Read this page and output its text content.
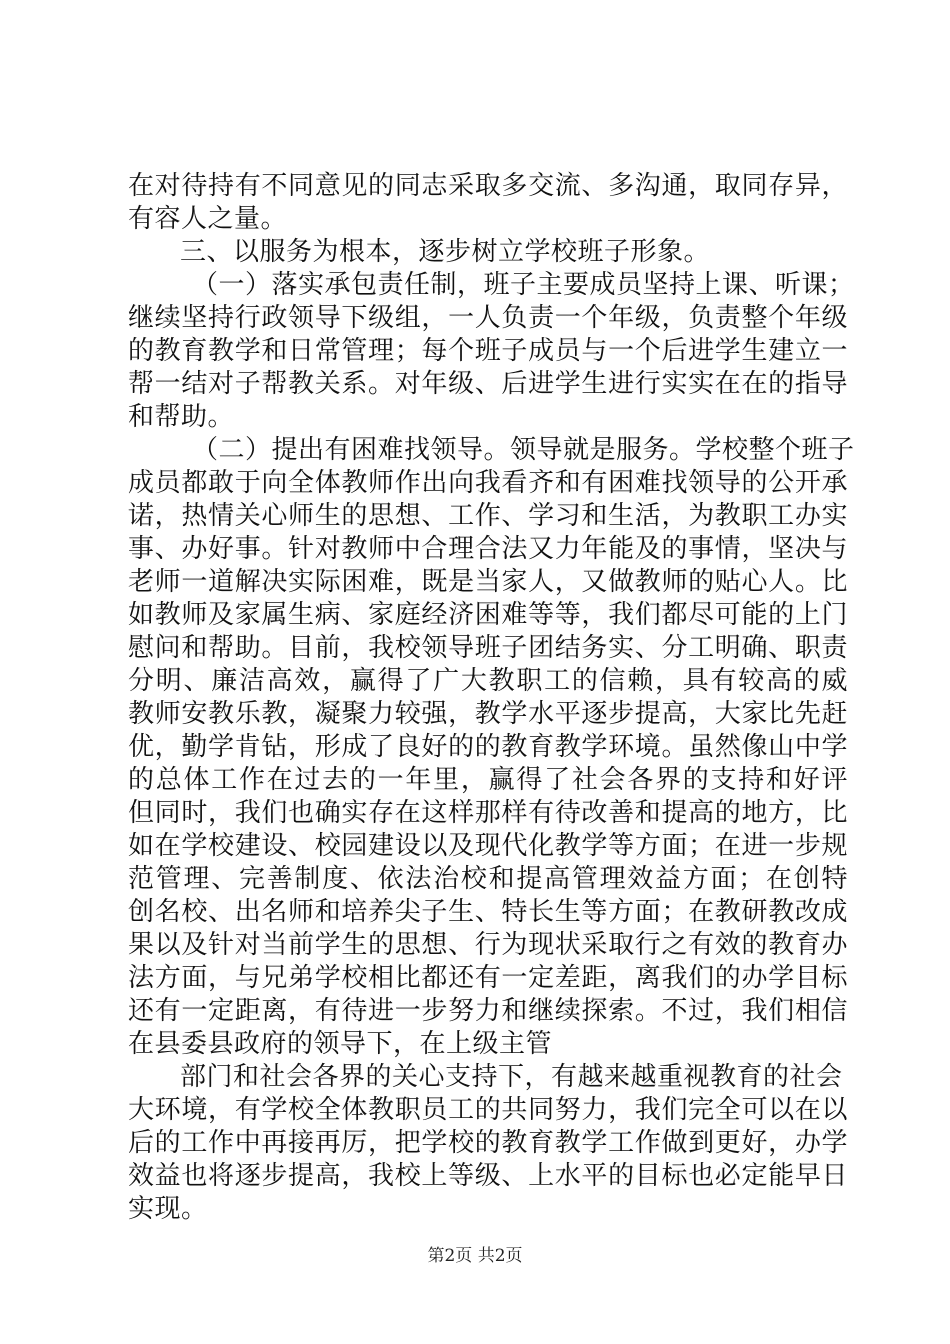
在对待持有不同意见的同志采取多交流、多沟通，取同存异，
有容人之量。
三、以服务为根本，逐步树立学校班子形象。
（一）落实承包责任制，班子主要成员坚持上课、听课；
继续坚持行政领导下级组，一人负责一个年级，负责整个年级
的教育教学和日常管理；每个班子成员与一个后进学生建立一
帮一结对子帮教关系。对年级、后进学生进行实实在在的指导
和帮助。
（二）提出有困难找领导。领导就是服务。学校整个班子
成员都敢于向全体教师作出向我看齐和有困难找领导的公开承
诺，热情关心师生的思想、工作、学习和生活，为教职工办实
事、办好事。针对教师中合理合法又力年能及的事情，坚决与
老师一道解决实际困难，既是当家人，又做教师的贴心人。比
如教师及家属生病、家庭经济困难等等，我们都尽可能的上门
慰问和帮助。目前，我校领导班子团结务实、分工明确、职责
分明、廉洁高效，赢得了广大教职工的信赖，具有较高的威
教师安教乐教，凝聚力较强，教学水平逐步提高，大家比先赶
优，勤学肯钻，形成了良好的的教育教学环境。虽然像山中学
的总体工作在过去的一年里，赢得了社会各界的支持和好评
但同时，我们也确实存在这样那样有待改善和提高的地方，比
如在学校建设、校园建设以及现代化教学等方面；在进一步规
范管理、完善制度、依法治校和提高管理效益方面；在创特
创名校、出名师和培养尖子生、特长生等方面；在教研教改成
果以及针对当前学生的思想、行为现状采取行之有效的教育办
法方面，与兄弟学校相比都还有一定差距，离我们的办学目标
还有一定距离，有待进一步努力和继续探索。不过，我们相信
在县委县政府的领导下，在上级主管
部门和社会各界的关心支持下，有越来越重视教育的社会
大环境，有学校全体教职员工的共同努力，我们完全可以在以
后的工作中再接再厉，把学校的教育教学工作做到更好，办学
效益也将逐步提高，我校上等级、上水平的目标也必定能早日
实现。
第2页 共2页
